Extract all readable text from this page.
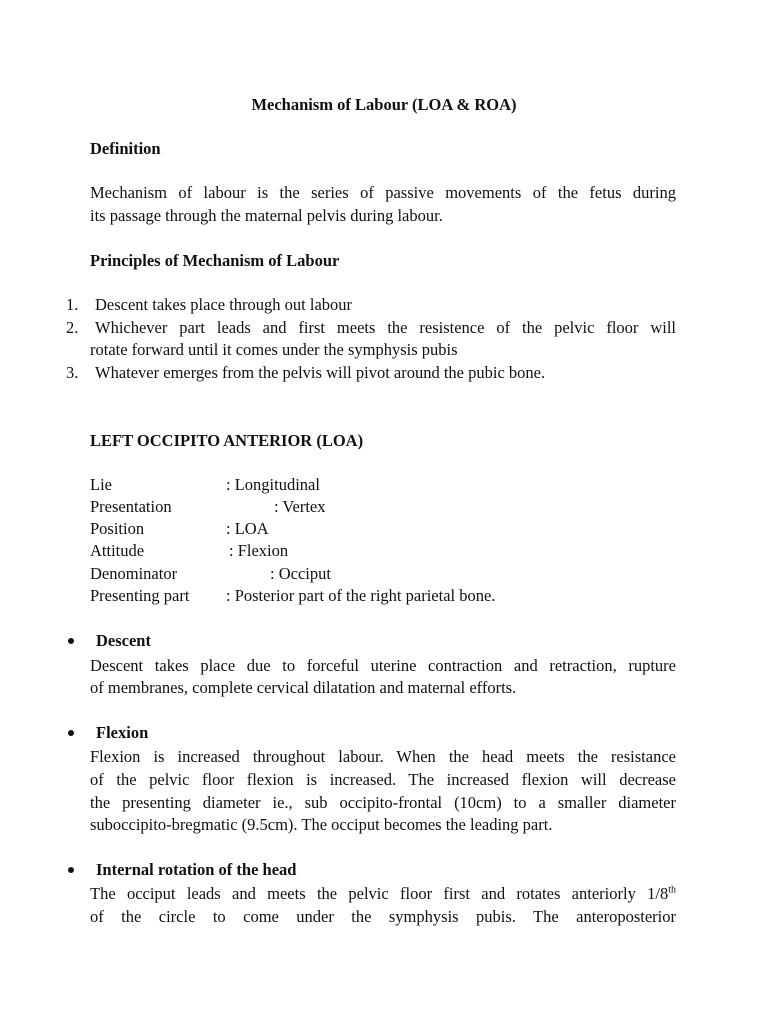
Mechanism of Labour (LOA & ROA)
Definition
Mechanism of labour is the series of passive movements of the fetus during
its passage through the maternal pelvis during labour.
Principles of Mechanism of Labour
1. Descent takes place through out labour
2. Whichever part leads and first meets the resistence of the pelvic floor will
rotate forward until it comes under the symphysis pubis
3. Whatever emerges from the pelvis will pivot around the pubic bone.
LEFT OCCIPITO ANTERIOR (LOA)
Lie	: Longitudinal
Presentation	: Vertex
Position	: LOA
Attitude	: Flexion
Denominator	: Occiput
Presenting part : Posterior part of the right parietal bone.
Descent
Descent takes place due to forceful uterine contraction and retraction, rupture
of membranes, complete cervical dilatation and maternal efforts.
Flexion
Flexion is increased throughout labour. When the head meets the resistance
of the pelvic floor flexion is increased. The increased flexion will decrease
the presenting diameter ie., sub occipito-frontal (10cm) to a smaller diameter
suboccipito-bregmatic (9.5cm). The occiput becomes the leading part.
Internal rotation of the head
The occiput leads and meets the pelvic floor first and rotates anteriorly 1/8th
of the circle to come under the symphysis pubis. The anteroposterior
